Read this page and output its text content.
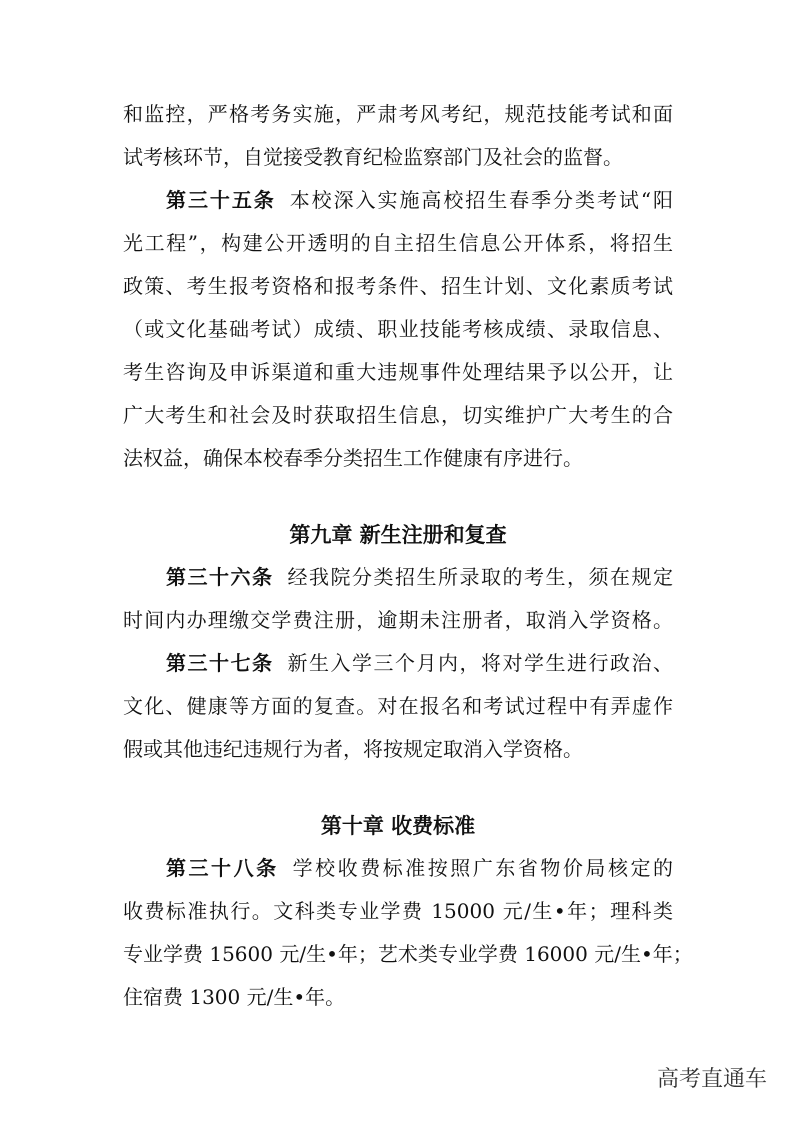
和监控，严格考务实施，严肃考风考纪，规范技能考试和面
试考核环节，自觉接受教育纪检监察部门及社会的监督。
第三十五条 本校深入实施高校招生春季分类考试“阳
光工程”，构建公开透明的自主招生信息公开体系，将招生
政策、考生报考资格和报考条件、招生计划、文化素质考试
（或文化基础考试）成绩、职业技能考核成绩、录取信息、
考生咨询及申诉渠道和重大违规事件处理结果予以公开，让
广大考生和社会及时获取招生信息，切实维护广大考生的合
法权益，确保本校春季分类招生工作健康有序进行。
第九章 新生注册和复查
第三十六条 经我院分类招生所录取的考生，须在规定
时间内办理缴交学费注册，逾期未注册者，取消入学资格。
第三十七条 新生入学三个月内，将对学生进行政治、
文化、健康等方面的复查。对在报名和考试过程中有弄虚作
假或其他违纪违规行为者，将按规定取消入学资格。
第十章 收费标准
第三十八条 学校收费标准按照广东省物价局核定的
收费标准执行。文科类专业学费 15000 元/生•年；理科类
专业学费 15600 元/生•年；艺术类专业学费 16000 元/生•年；
住宿费 1300 元/生•年。
高考直通车
